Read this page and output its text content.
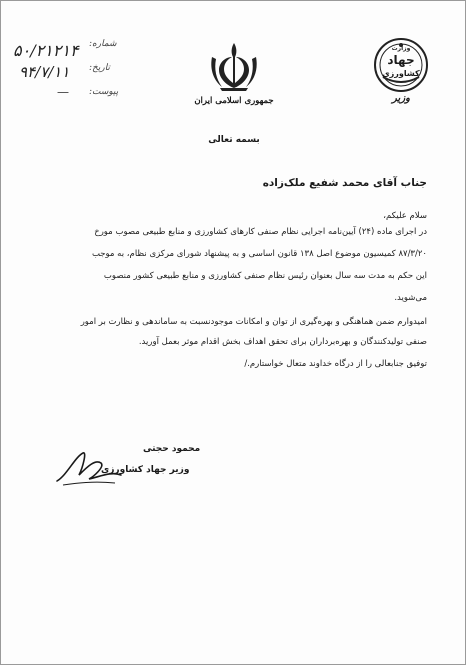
شماره:
۵۰/۲۱۲۱۴
تاریخ:
۹۴/۷/۱۱
پیوست:
—
جمهوری اسلامی ایران
وزارت
جهاد
کشاورزی
وزیر
بسمه تعالی
جناب آقای محمد شفیع ملک‌زاده
سلام علیکم،
در اجرای ماده (۲۴) آیین‌نامه اجرایی نظام صنفی کارهای کشاورزی و منابع طبیعی مصوب مورخ
۸۷/۳/۲۰ کمیسیون موضوع اصل ۱۳۸ قانون اساسی و به پیشنهاد شورای مرکزی نظام، به موجب
این حکم به مدت سه سال بعنوان رئیس نظام صنفی کشاورزی و منابع طبیعی کشور منصوب
می‌شوید.
امیدوارم ضمن هماهنگی و بهره‌گیری از توان و امکانات موجودنسبت به ساماندهی و نظارت بر امور
صنفی تولیدکنندگان و بهره‌برداران برای تحقق اهداف بخش اقدام موثر بعمل آورید.
توفیق جنابعالی را از درگاه خداوند متعال خواستارم./
محمود حجتی
وزیر جهاد کشاورزی
